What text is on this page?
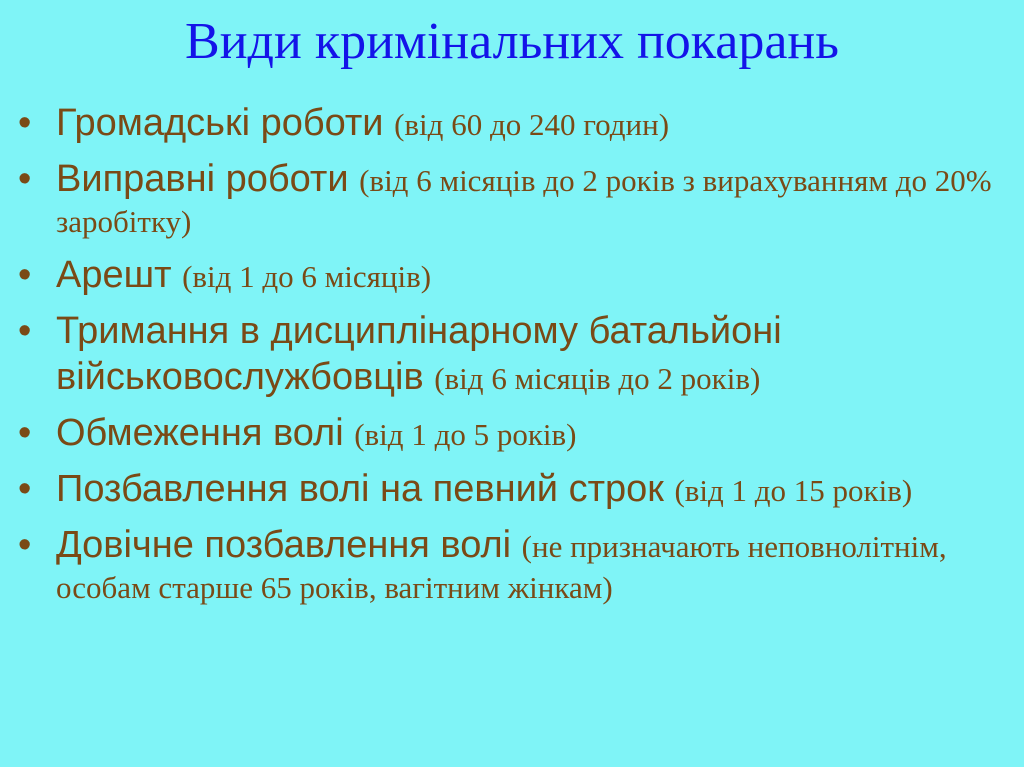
Види кримінальних покарань
• Громадські роботи (від 60 до 240 годин)
• Виправні роботи (від 6 місяців до 2 років з вирахуванням до 20% заробітку)
• Арешт (від 1 до 6 місяців)
• Тримання в дисциплінарному батальйоні військовослужбовців (від 6 місяців до 2 років)
• Обмеження волі (від 1 до 5 років)
• Позбавлення волі на певний строк (від 1 до 15 років)
• Довічне позбавлення волі (не призначають неповнолітнім, особам старше 65 років, вагітним жінкам)
